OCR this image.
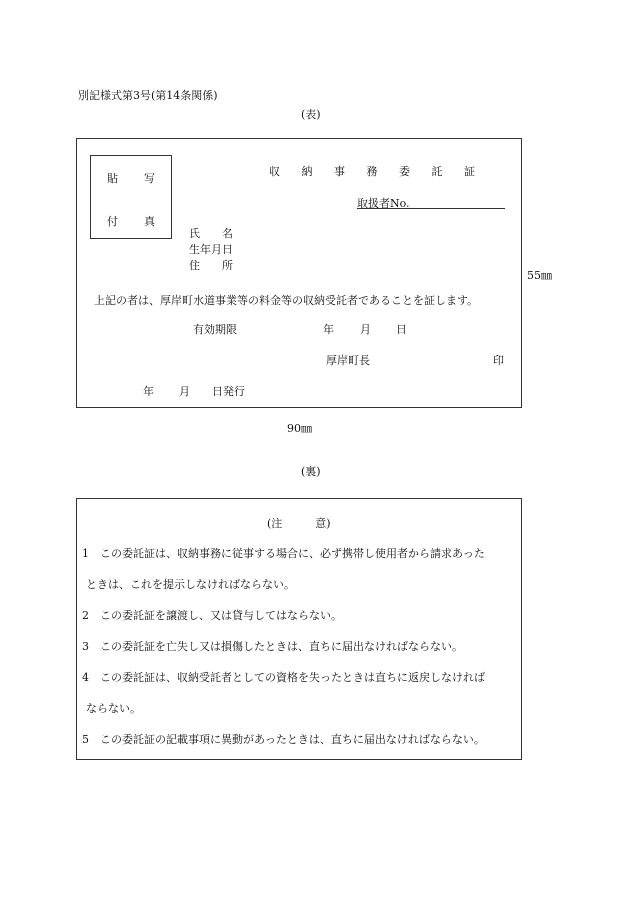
別記様式第3号(第14条関係)
(表)
貼 写
付 真
収 納 事 務 委 託 証
取扱者No.
氏　　名
生年月日
住　　所
上記の者は、厚岸町水道事業等の料金等の収納受託者であることを証します。
有効期限	年 月 日
厚岸町長	印
年 月 日発行
55㎜
90㎜
(裏)
(注　　　意)
1　この委託証は、収納事務に従事する場合に、必ず携帯し使用者から請求あった
ときは、これを提示しなければならない。
2　この委託証を譲渡し、又は貸与してはならない。
3　この委託証を亡失し又は損傷したときは、直ちに届出なければならない。
4　この委託証は、収納受託者としての資格を失ったときは直ちに返戻しなければ
ならない。
5　この委託証の記載事項に異動があったときは、直ちに届出なければならない。
